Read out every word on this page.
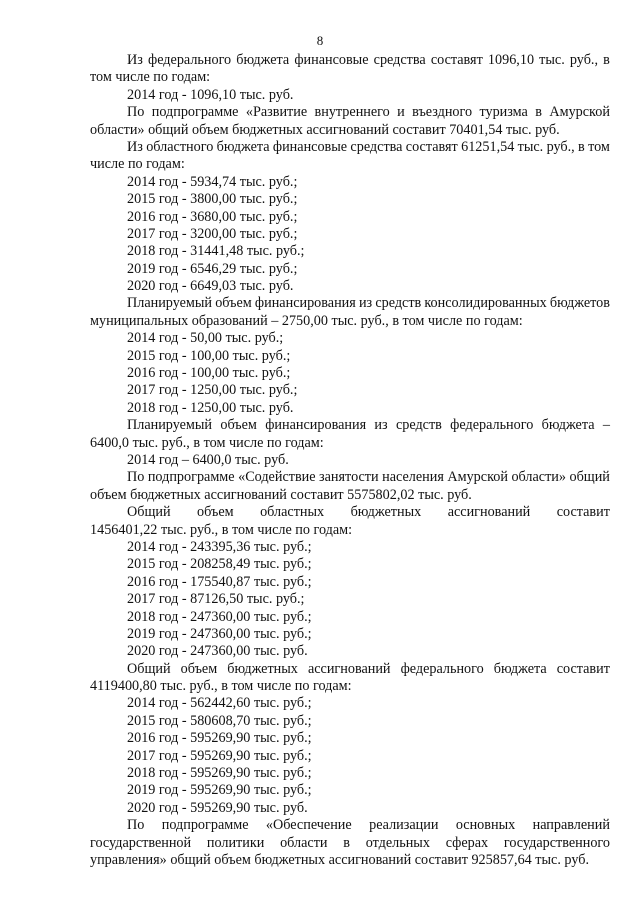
8
Из федерального бюджета финансовые средства составят 1096,10 тыс. руб., в
том числе по годам:
2014 год - 1096,10 тыс. руб.
По подпрограмме «Развитие внутреннего и въездного туризма в Амурской
области» общий объем бюджетных ассигнований составит 70401,54 тыс. руб.
Из областного бюджета финансовые средства составят 61251,54 тыс. руб., в том
числе по годам:
2014 год - 5934,74 тыс. руб.;
2015 год - 3800,00 тыс. руб.;
2016 год - 3680,00 тыс. руб.;
2017 год - 3200,00 тыс. руб.;
2018 год - 31441,48 тыс. руб.;
2019 год - 6546,29 тыс. руб.;
2020 год - 6649,03 тыс. руб.
Планируемый объем финансирования из средств консолидированных бюджетов
муниципальных образований – 2750,00 тыс. руб., в том числе по годам:
2014 год - 50,00 тыс. руб.;
2015 год - 100,00 тыс. руб.;
2016 год - 100,00 тыс. руб.;
2017 год - 1250,00 тыс. руб.;
2018 год - 1250,00 тыс. руб.
Планируемый объем финансирования из средств федерального бюджета –
6400,0 тыс. руб., в том числе по годам:
2014 год – 6400,0 тыс. руб.
По подпрограмме «Содействие занятости населения Амурской области» общий
объем бюджетных ассигнований составит 5575802,02 тыс. руб.
Общий объем областных бюджетных ассигнований составит
1456401,22 тыс. руб., в том числе по годам:
2014 год - 243395,36 тыс. руб.;
2015 год - 208258,49 тыс. руб.;
2016 год - 175540,87 тыс. руб.;
2017 год - 87126,50 тыс. руб.;
2018 год - 247360,00 тыс. руб.;
2019 год - 247360,00 тыс. руб.;
2020 год - 247360,00 тыс. руб.
Общий объем бюджетных ассигнований федерального бюджета составит
4119400,80 тыс. руб., в том числе по годам:
2014 год - 562442,60 тыс. руб.;
2015 год - 580608,70 тыс. руб.;
2016 год - 595269,90 тыс. руб.;
2017 год - 595269,90 тыс. руб.;
2018 год - 595269,90 тыс. руб.;
2019 год - 595269,90 тыс. руб.;
2020 год - 595269,90 тыс. руб.
По подпрограмме «Обеспечение реализации основных направлений
государственной политики области в отдельных сферах государственного
управления» общий объем бюджетных ассигнований составит 925857,64 тыс. руб.
